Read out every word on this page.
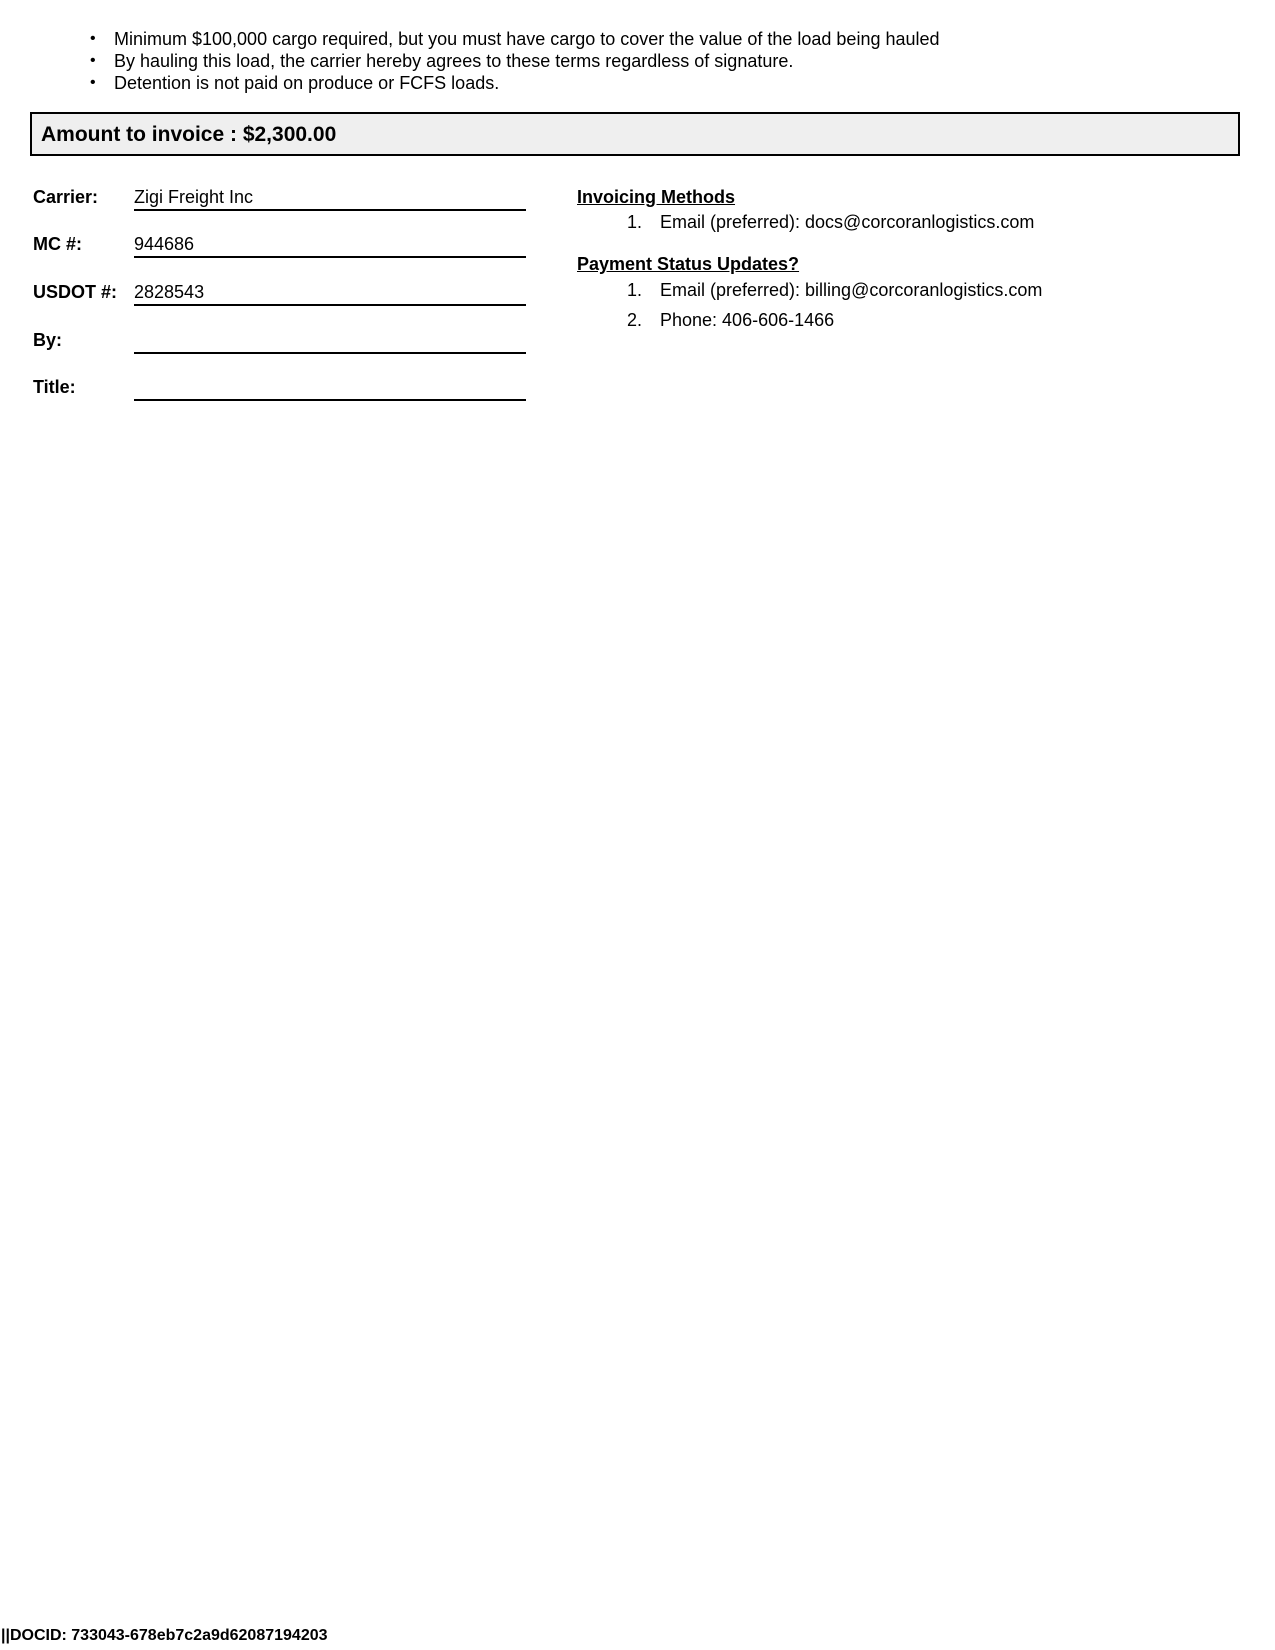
• Minimum $100,000 cargo required, but you must have cargo to cover the value of the load being hauled
• By hauling this load, the carrier hereby agrees to these terms regardless of signature.
• Detention is not paid on produce or FCFS loads.
Amount to invoice : $2,300.00
Carrier: Zigi Freight Inc
MC #:	944686
USDOT #: 2828543
By:
Title:
Invoicing Methods
1. Email (preferred): docs@corcoranlogistics.com
Payment Status Updates?
1. Email (preferred): billing@corcoranlogistics.com
2. Phone: 406-606-1466
||DOCID: 733043-678eb7c2a9d62087194203
